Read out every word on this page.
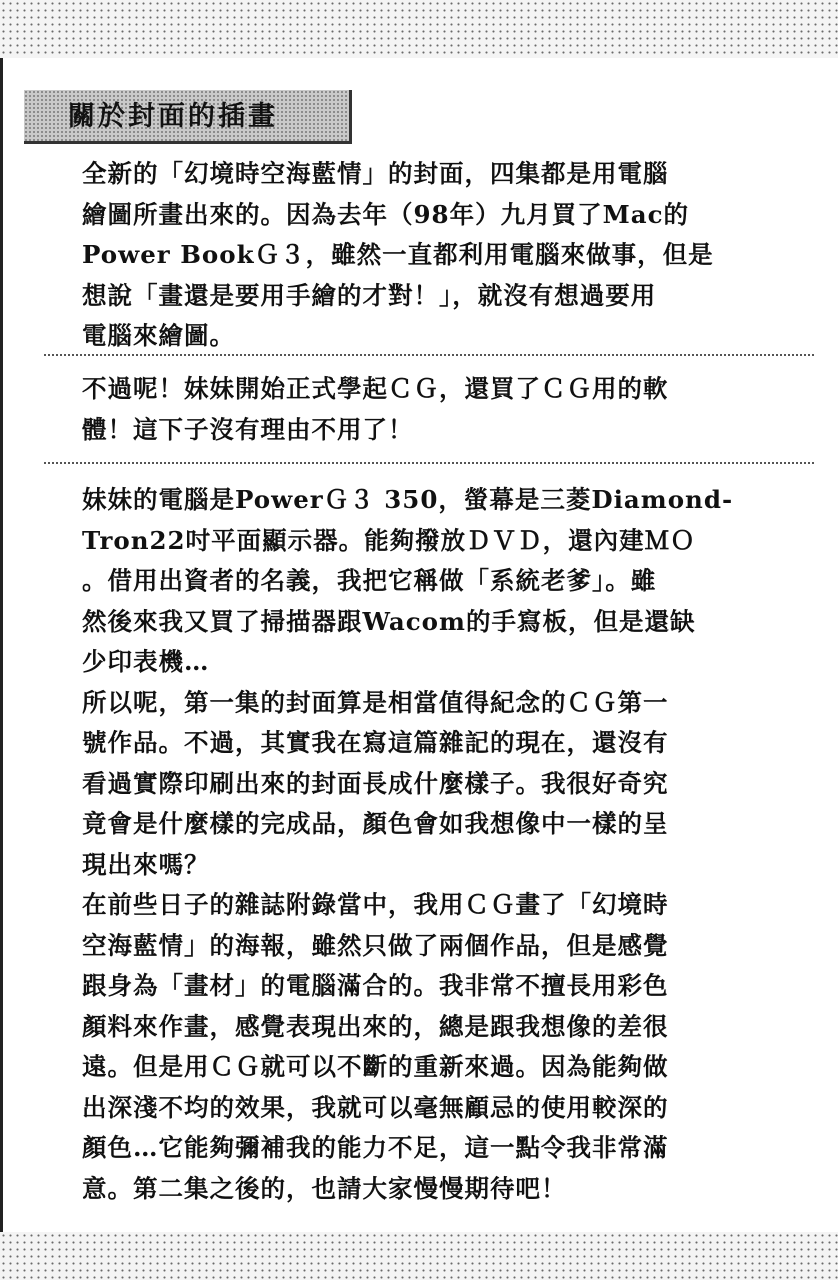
關於封面的插畫
全新的「幻境時空海藍情」的封面，四集都是用電腦
繪圖所畫出來的。因為去年（98年）九月買了Mac的
Power BookＧ３，雖然一直都利用電腦來做事，但是
想說「畫還是要用手繪的才對！」，就沒有想過要用
電腦來繪圖。
不過呢！妹妹開始正式學起ＣＧ，還買了ＣＧ用的軟
體！這下子沒有理由不用了！
妹妹的電腦是PowerＧ３ 350，螢幕是三菱Diamond-
Tron22吋平面顯示器。能夠撥放ＤＶＤ，還內建ＭＯ
。借用出資者的名義，我把它稱做「系統老爹」。雖
然後來我又買了掃描器跟Wacom的手寫板，但是還缺
少印表機…
所以呢，第一集的封面算是相當值得紀念的ＣＧ第一
號作品。不過，其實我在寫這篇雜記的現在，還沒有
看過實際印刷出來的封面長成什麼樣子。我很好奇究
竟會是什麼樣的完成品，顏色會如我想像中一樣的呈
現出來嗎？
在前些日子的雜誌附錄當中，我用ＣＧ畫了「幻境時
空海藍情」的海報，雖然只做了兩個作品，但是感覺
跟身為「畫材」的電腦滿合的。我非常不擅長用彩色
顏料來作畫，感覺表現出來的，總是跟我想像的差很
遠。但是用ＣＧ就可以不斷的重新來過。因為能夠做
出深淺不均的效果，我就可以毫無顧忌的使用較深的
顏色…它能夠彌補我的能力不足，這一點令我非常滿
意。第二集之後的，也請大家慢慢期待吧！
